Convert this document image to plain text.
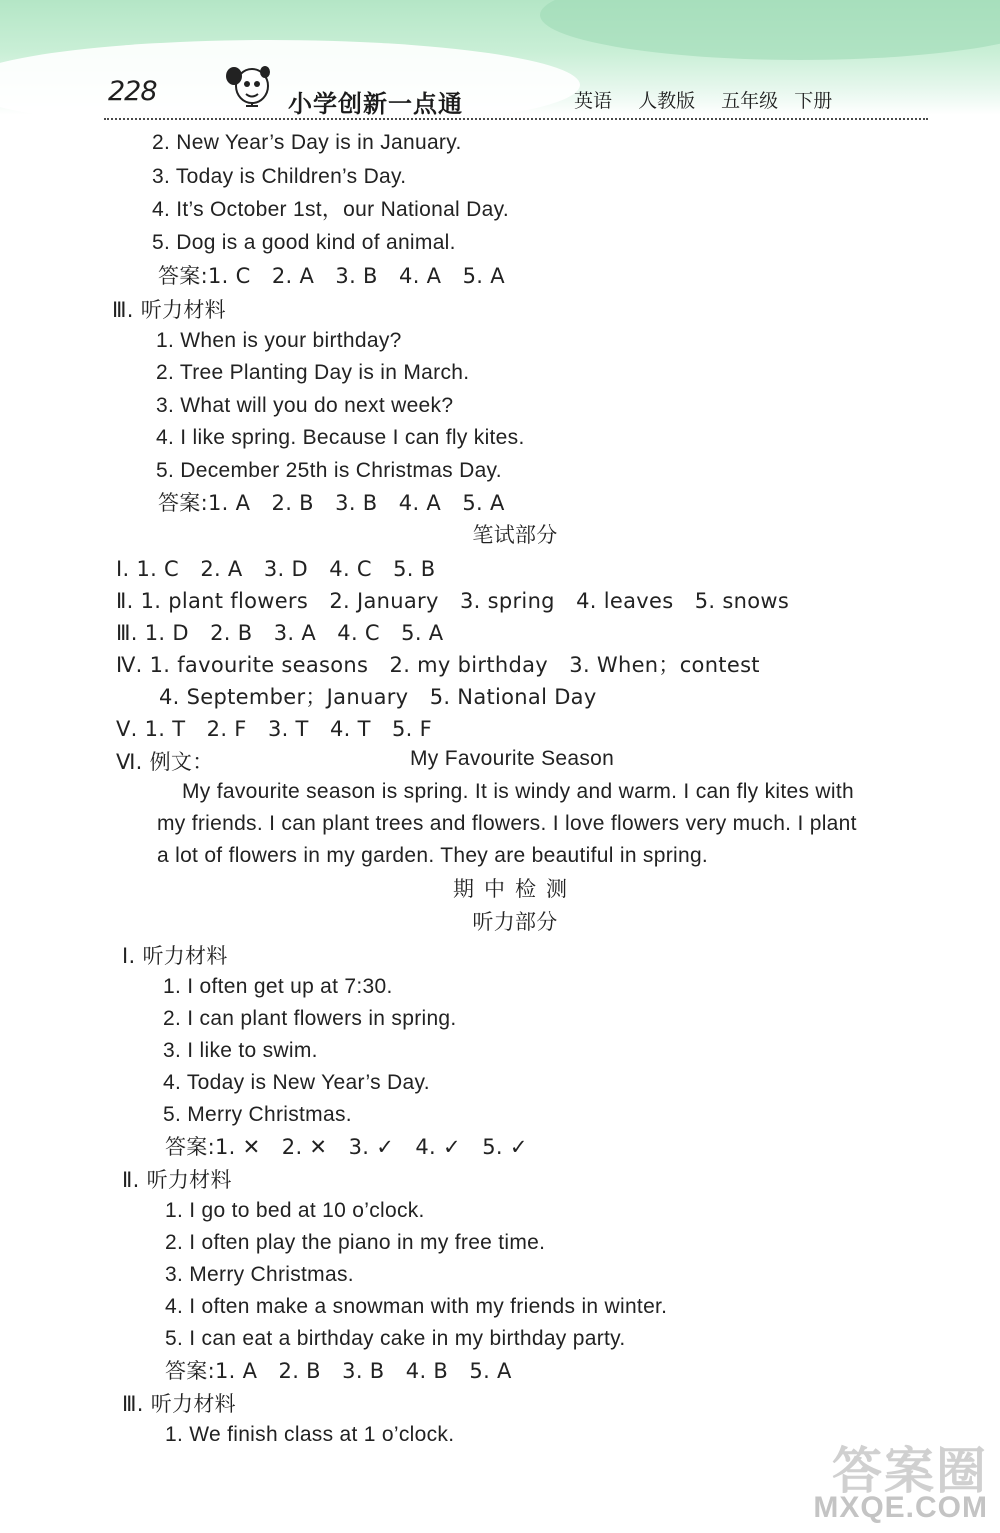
228	小学创新一点通	英语 人教版 五年级 下册
2. New Year’s Day is in January.
3. Today is Children’s Day.
4. It’s October 1st，our National Day.
5. Dog is a good kind of animal.
答案:1. C　2. A　3. B　4. A　5. A
Ⅲ. 听力材料
1. When is your birthday?
2. Tree Planting Day is in March.
3. What will you do next week?
4. I like spring. Because I can fly kites.
5. December 25th is Christmas Day.
答案:1. A　2. B　3. B　4. A　5. A
笔试部分
Ⅰ. 1. C　2. A　3. D　4. C　5. B
Ⅱ. 1. plant flowers　2. January　3. spring　4. leaves　5. snows
Ⅲ. 1. D　2. B　3. A　4. C　5. A
Ⅳ. 1. favourite seasons　2. my birthday　3. When；contest
4. September；January　5. National Day
Ⅴ. 1. T　2. F　3. T　4. T　5. F
Ⅵ. 例文：	My Favourite Season
My favourite season is spring. It is windy and warm. I can fly kites with
my friends. I can plant trees and flowers. I love flowers very much. I plant
a lot of flowers in my garden. They are beautiful in spring.
期中检测
听力部分
Ⅰ. 听力材料
1. I often get up at 7:30.
2. I can plant flowers in spring.
3. I like to swim.
4. Today is New Year’s Day.
5. Merry Christmas.
答案:1. ✕　2. ✕　3. ✓　4. ✓　5. ✓
Ⅱ. 听力材料
1. I go to bed at 10 o’clock.
2. I often play the piano in my free time.
3. Merry Christmas.
4. I often make a snowman with my friends in winter.
5. I can eat a birthday cake in my birthday party.
答案:1. A　2. B　3. B　4. B　5. A
Ⅲ. 听力材料
1. We finish class at 1 o’clock.
答案圈
MXQE.COM
